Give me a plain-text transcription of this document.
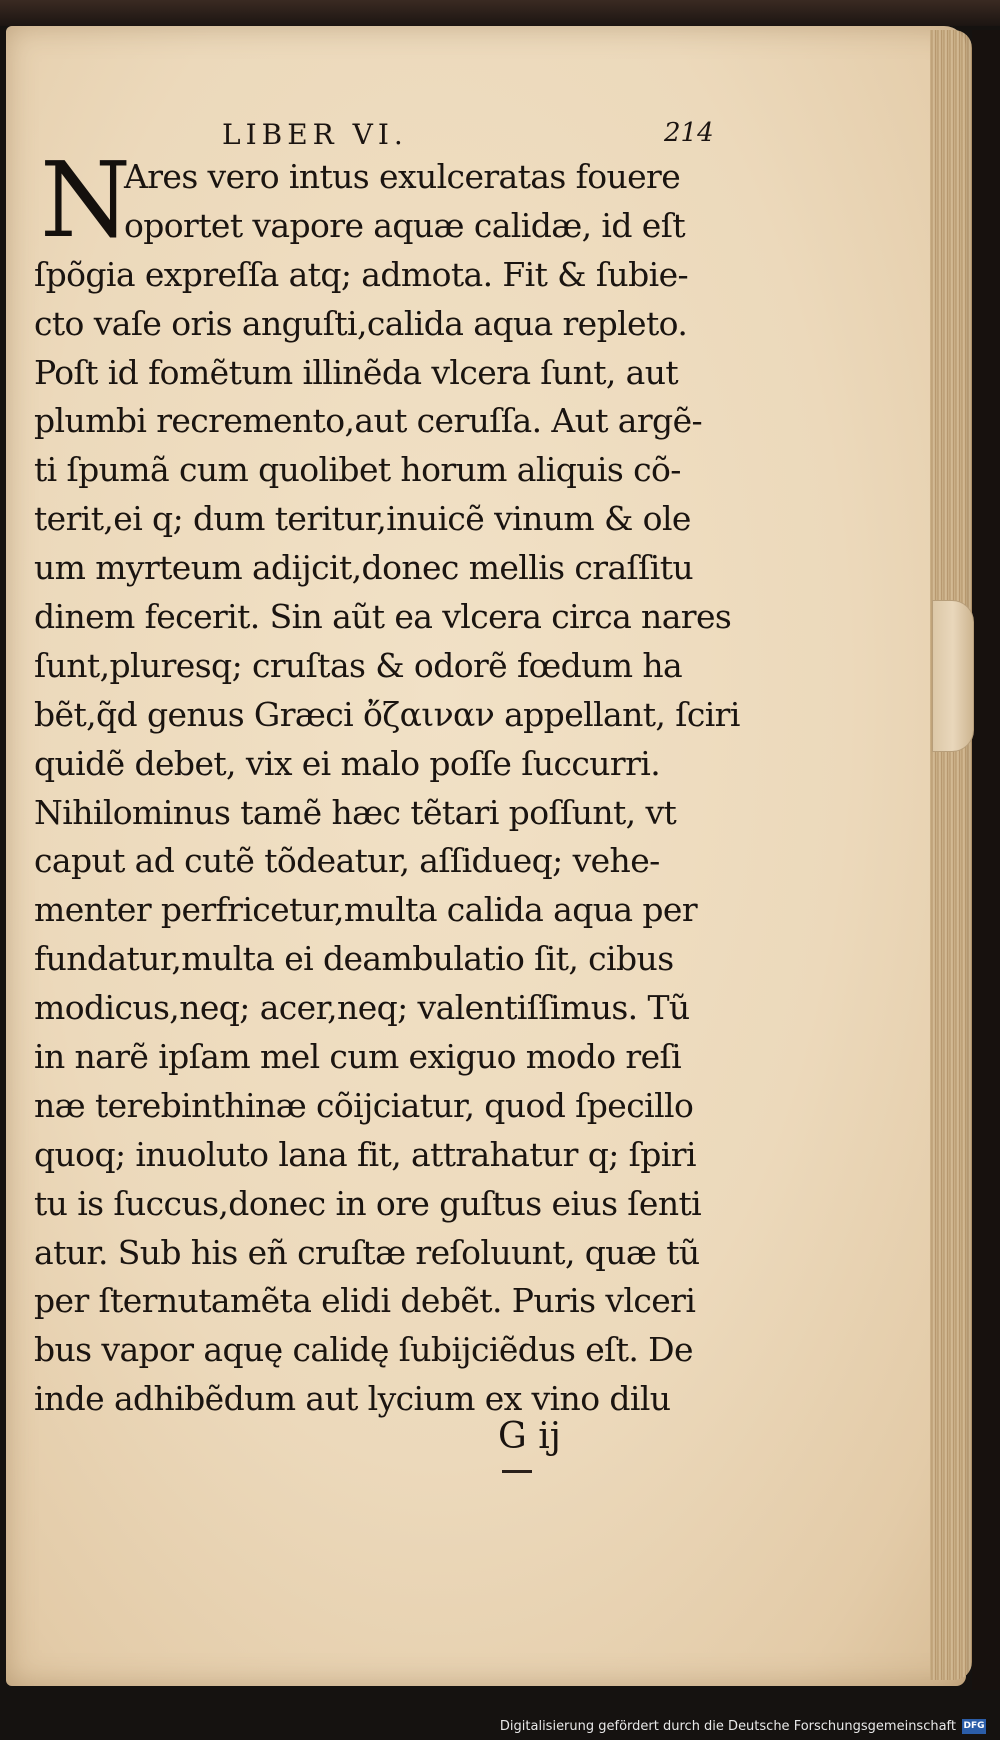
LIBER VI.	214
N
Ares vero intus exulceratas fouere
oportet vapore aquæ calidæ, id eſt
ſpõgia expreſſa atq; admota. Fit & ſubie-
cto vaſe oris anguſti,calida aqua repleto.
Poſt id fomẽtum illinẽda vlcera ſunt, aut
plumbi recremento,aut ceruſſa. Aut argẽ-
ti ſpumã cum quolibet horum aliquis cõ-
terit,ei q; dum teritur,inuicẽ vinum & ole
um myrteum adijcit,donec mellis craſſitu
dinem fecerit. Sin aũt ea vlcera circa nares
ſunt,pluresq; cruſtas & odorẽ fœdum ha
bẽt,q̃d genus Græci ὄζαιναν appellant, ſciri
quidẽ debet, vix ei malo poſſe ſuccurri.
Nihilominus tamẽ hæc tẽtari poſſunt, vt
caput ad cutẽ tõdeatur, aſſidueq; vehe-
menter perfricetur,multa calida aqua per
fundatur,multa ei deambulatio ſit, cibus
modicus,neq; acer,neq; valentiſſimus. Tũ
in narẽ ipſam mel cum exiguo modo reſi
næ terebinthinæ cõijciatur, quod ſpecillo
quoq; inuoluto lana fit, attrahatur q; ſpiri
tu is ſuccus,donec in ore guſtus eius ſenti
atur. Sub his eñ cruſtæ reſoluunt, quæ tũ
per ſternutamẽta elidi debẽt. Puris vlceri
bus vapor aquę calidę ſubijciẽdus eſt. De
inde adhibẽdum aut lycium ex vino dilu
G ij
Digitalisierung gefördert durch die Deutsche Forschungsgemeinschaft DFG
